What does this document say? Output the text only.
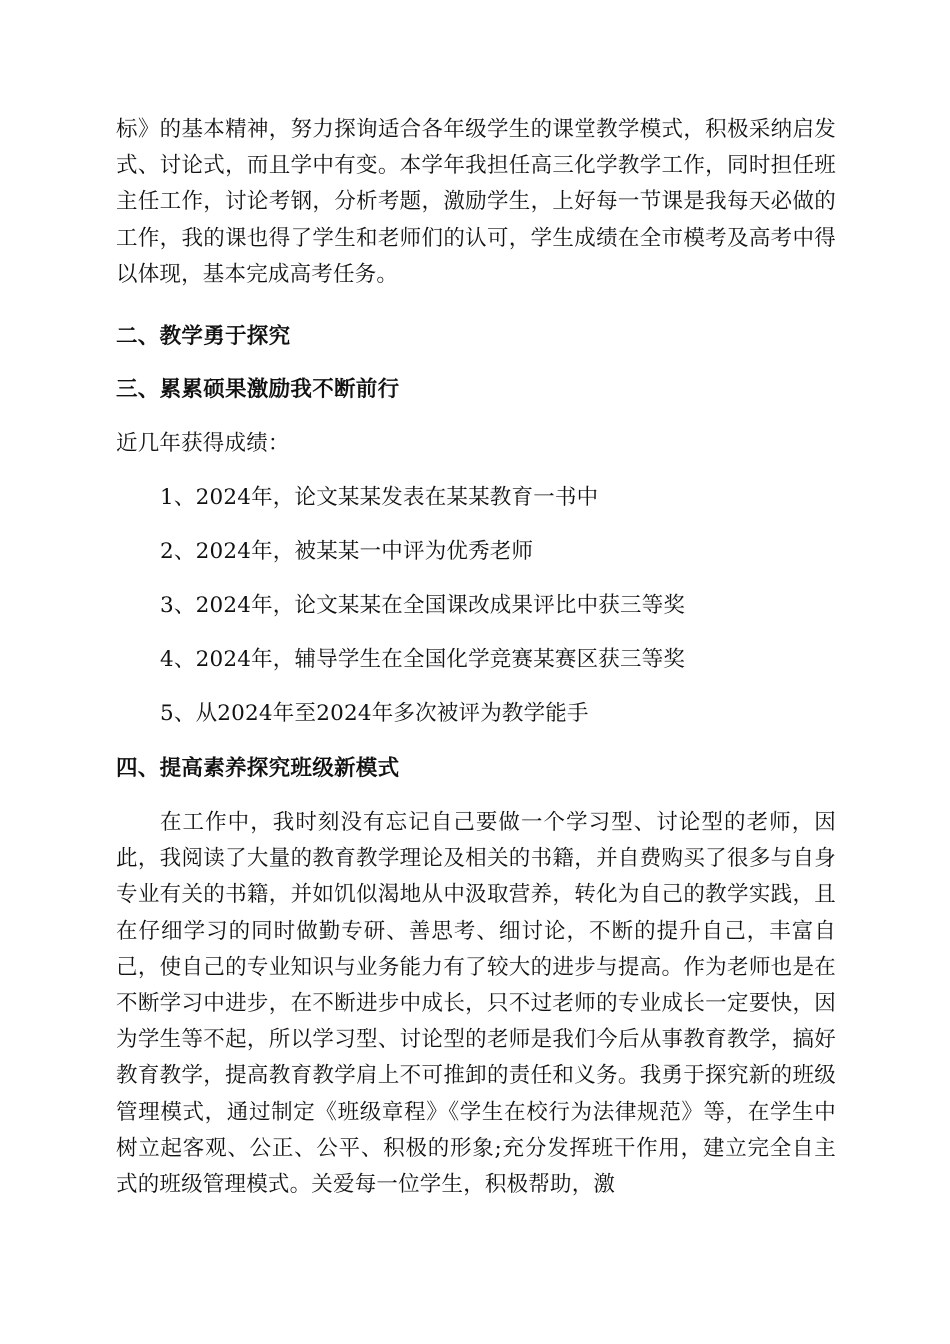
标》的基本精神，努力探询适合各年级学生的课堂教学模式，积极采纳启发式、讨论式，而且学中有变。本学年我担任高三化学教学工作，同时担任班主任工作，讨论考钢，分析考题，激励学生，上好每一节课是我每天必做的工作，我的课也得了学生和老师们的认可，学生成绩在全市模考及高考中得以体现，基本完成高考任务。

二、教学勇于探究

三、累累硕果激励我不断前行

近几年获得成绩：

1、2024年，论文某某发表在某某教育一书中

2、2024年，被某某一中评为优秀老师

3、2024年，论文某某在全国课改成果评比中获三等奖

4、2024年，辅导学生在全国化学竞赛某赛区获三等奖

5、从2024年至2024年多次被评为教学能手

四、提高素养探究班级新模式

在工作中，我时刻没有忘记自己要做一个学习型、讨论型的老师，因此，我阅读了大量的教育教学理论及相关的书籍，并自费购买了很多与自身专业有关的书籍，并如饥似渴地从中汲取营养，转化为自己的教学实践，且在仔细学习的同时做勤专研、善思考、细讨论，不断的提升自己，丰富自己，使自己的专业知识与业务能力有了较大的进步与提高。作为老师也是在不断学习中进步，在不断进步中成长，只不过老师的专业成长一定要快，因为学生等不起，所以学习型、讨论型的老师是我们今后从事教育教学，搞好教育教学，提高教育教学肩上不可推卸的责任和义务。我勇于探究新的班级管理模式，通过制定《班级章程》《学生在校行为法律规范》等，在学生中树立起客观、公正、公平、积极的形象;充分发挥班干作用，建立完全自主式的班级管理模式。关爱每一位学生，积极帮助，激
